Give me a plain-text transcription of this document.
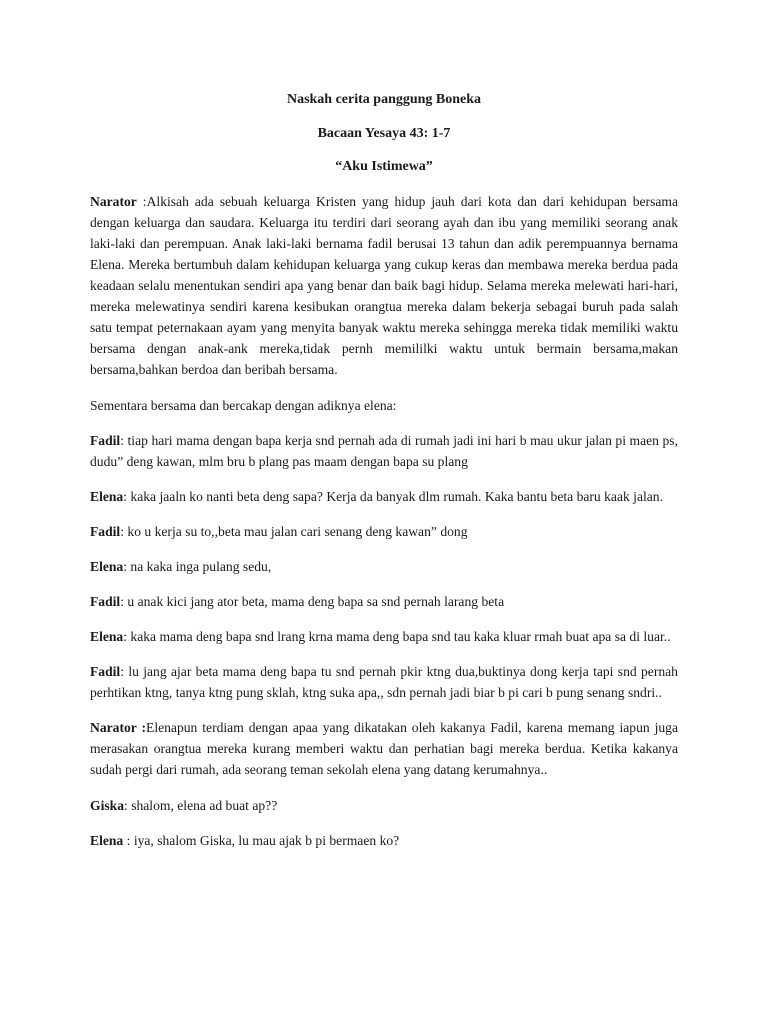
Naskah cerita panggung Boneka

Bacaan Yesaya 43: 1-7

“Aku Istimewa”

Narator :Alkisah ada sebuah keluarga Kristen yang hidup jauh dari kota dan dari kehidupan bersama dengan keluarga dan saudara. Keluarga itu terdiri dari seorang ayah dan ibu yang memiliki seorang anak laki-laki dan perempuan. Anak laki-laki bernama fadil berusai 13 tahun dan adik perempuannya bernama Elena. Mereka bertumbuh dalam kehidupan keluarga yang cukup keras dan membawa mereka berdua pada keadaan selalu menentukan sendiri apa yang benar dan baik bagi hidup. Selama mereka melewati hari-hari, mereka melewatinya sendiri karena kesibukan orangtua mereka dalam bekerja sebagai buruh pada salah satu tempat peternakaan ayam yang menyita banyak waktu mereka sehingga mereka tidak memiliki waktu bersama dengan anak-ank mereka,tidak pernh memililki waktu untuk bermain bersama,makan bersama,bahkan berdoa dan beribah bersama.

Sementara bersama dan bercakap dengan adiknya elena:

Fadil: tiap hari mama dengan bapa kerja snd pernah ada di rumah jadi ini hari b mau ukur jalan pi maen ps, dudu” deng kawan, mlm bru b plang pas maam dengan bapa su plang

Elena: kaka jaaln ko nanti beta deng sapa? Kerja da banyak dlm rumah. Kaka bantu beta baru kaak jalan.

Fadil: ko u kerja su to,,beta mau jalan cari senang deng kawan” dong

Elena: na kaka inga pulang sedu,

Fadil: u anak kici jang ator beta, mama deng bapa sa snd pernah larang beta

Elena: kaka mama deng bapa snd lrang krna mama deng bapa snd tau kaka kluar rmah buat apa sa di luar..

Fadil: lu jang ajar beta mama deng bapa tu snd pernah pkir ktng dua,buktinya dong kerja tapi snd pernah perhtikan ktng, tanya ktng pung sklah, ktng suka apa,, sdn pernah jadi biar b pi cari b pung senang sndri..

Narator :Elenapun terdiam dengan apaa yang dikatakan oleh kakanya Fadil, karena memang iapun juga merasakan orangtua mereka kurang memberi waktu dan perhatian bagi mereka berdua. Ketika kakanya sudah pergi dari rumah, ada seorang teman sekolah elena yang datang kerumahnya..

Giska: shalom, elena ad buat ap??

Elena : iya, shalom Giska, lu mau ajak b pi bermaen ko?
